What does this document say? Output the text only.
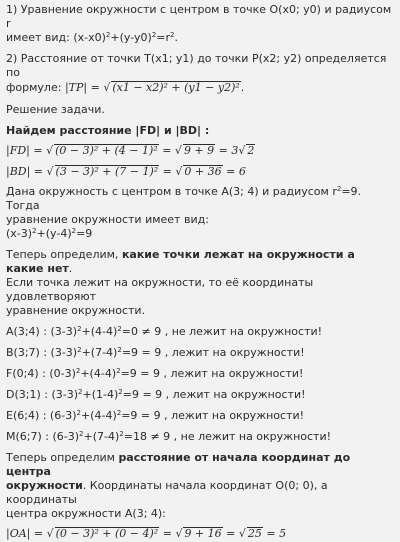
1) Уравнение окружности с центром в точке O(x0; y0) и радиусом r

имеет вид: $(x-x0)^2+(y-y0)^2=r^2$.

2) Расстояние от точки T(x1; y1) до точки P(x2; y2) определяется по

формуле: |TP| = √ (x1 − x2)² + (y1 − y2)².

Решение задачи.

Найдем расстояние |FD| и |BD| :

|FD| = √ (0 − 3)² + (4 − 1)² = √ 9 + 9 = 3√ 2

|BD| = √ (3 − 3)² + (7 − 1)² = √ 0 + 36 = 6

Дана окружность с центром в точке A(3; 4) и радиусом $r^2=9$. Тогда

уравнение окружности имеет вид:

$(x-3)^2+(y-4)^2=9$

Теперь определим, какие точки лежат на окружности а какие нет.

Если точка лежит на окружности, то её координаты удовлетворяют

уравнение окружности.

A(3;4) : $(3-3)^2+(4-4)^2=0 \ne 9$ , не лежит на окружности!

B(3;7) : $(3-3)^2+(7-4)^2=9 = 9$ , лежит на окружности!

F(0;4) : $(0-3)^2+(4-4)^2=9 = 9$ , лежит на окружности!

D(3;1) : $(3-3)^2+(1-4)^2=9 = 9$ , лежит на окружности!

E(6;4) : $(6-3)^2+(4-4)^2=9 = 9$ , лежит на окружности!

M(6;7) : $(6-3)^2+(7-4)^2=18 \ne 9$ , не лежит на окружности!

Теперь определим расстояние от начала координат до центра

окружности. Координаты начала координат O(0; 0), а координаты

центра окружности A(3; 4):

|OA| = √ (0 − 3)² + (0 − 4)² = √ 9 + 16 = √ 25 = 5
